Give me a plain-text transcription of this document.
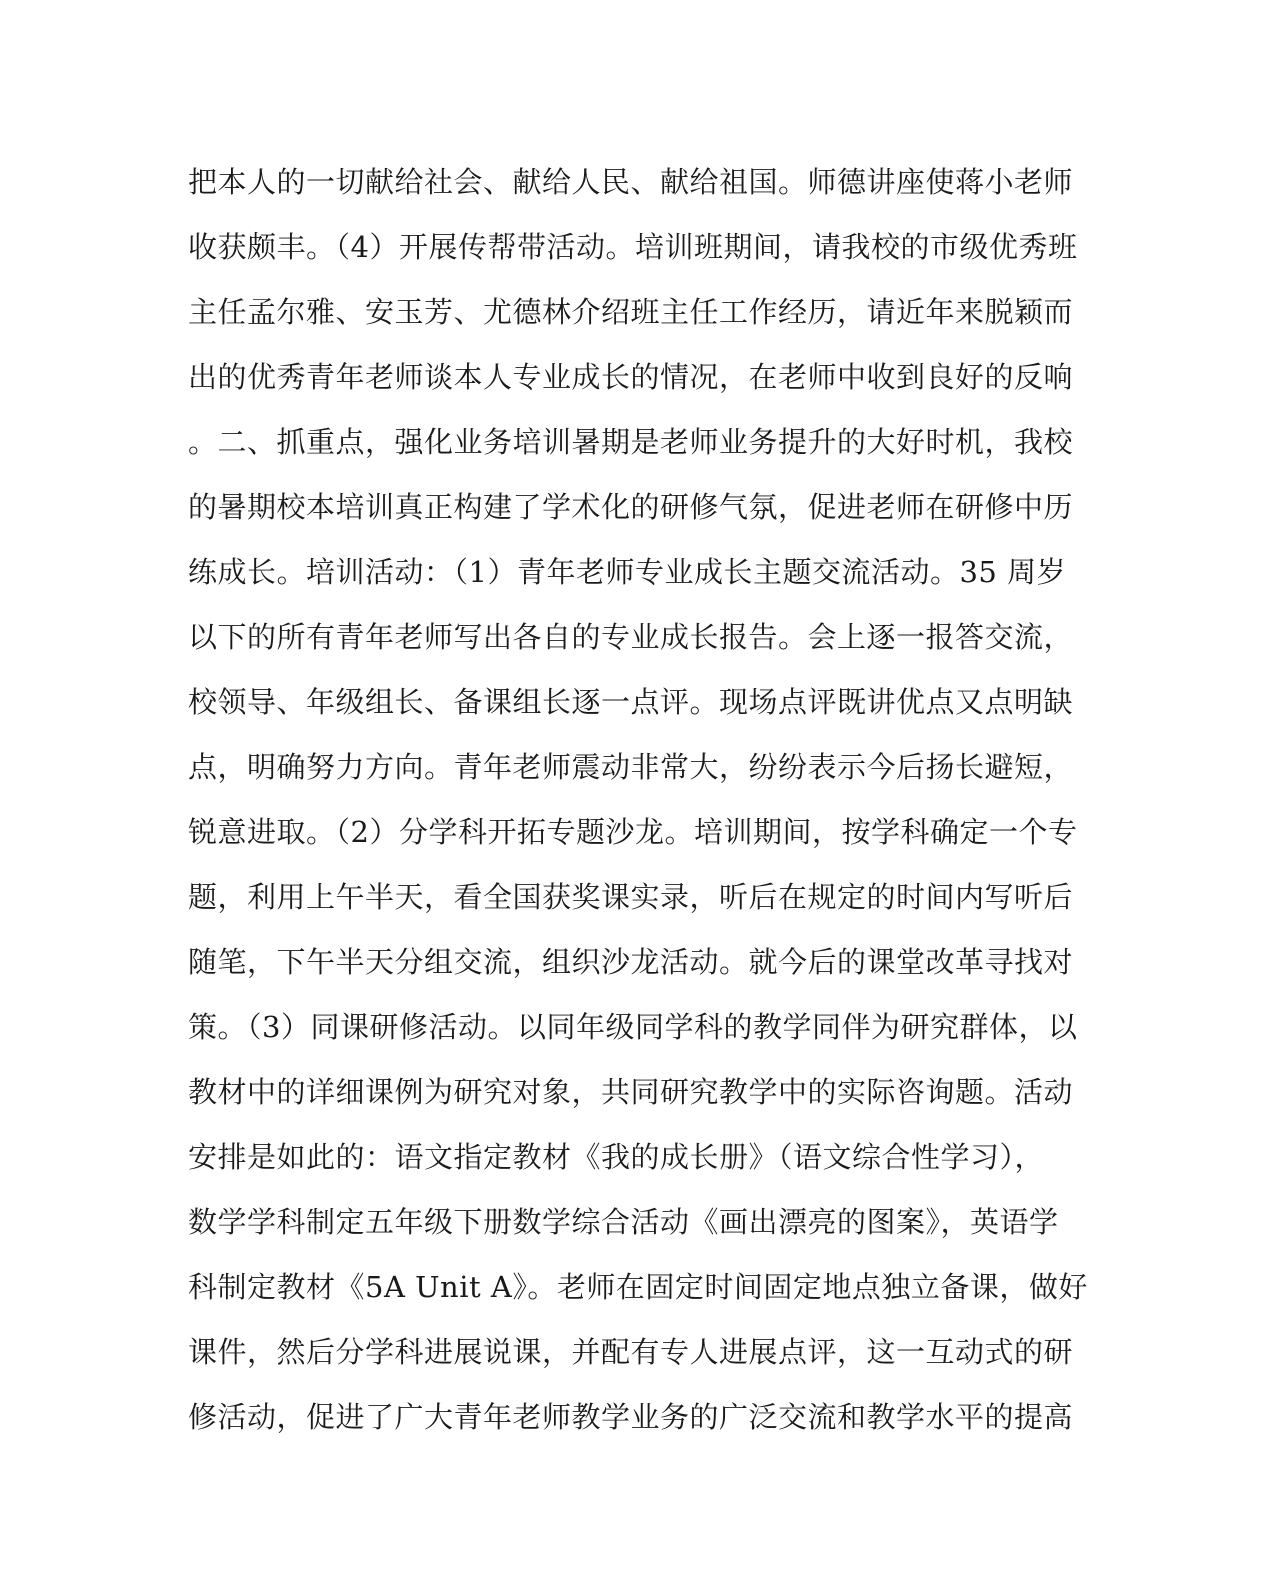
把本人的一切献给社会、献给人民、献给祖国。师德讲座使蒋小老师
收获颇丰。（4）开展传帮带活动。培训班期间，请我校的市级优秀班
主任孟尔雅、安玉芳、尤德林介绍班主任工作经历，请近年来脱颖而
出的优秀青年老师谈本人专业成长的情况，在老师中收到良好的反响
。二、抓重点，强化业务培训暑期是老师业务提升的大好时机，我校
的暑期校本培训真正构建了学术化的研修气氛，促进老师在研修中历
练成长。培训活动：（1）青年老师专业成长主题交流活动。35 周岁
以下的所有青年老师写出各自的专业成长报告。会上逐一报答交流，
校领导、年级组长、备课组长逐一点评。现场点评既讲优点又点明缺
点，明确努力方向。青年老师震动非常大，纷纷表示今后扬长避短，
锐意进取。（2）分学科开拓专题沙龙。培训期间，按学科确定一个专
题，利用上午半天，看全国获奖课实录，听后在规定的时间内写听后
随笔，下午半天分组交流，组织沙龙活动。就今后的课堂改革寻找对
策。（3）同课研修活动。以同年级同学科的教学同伴为研究群体，以
教材中的详细课例为研究对象，共同研究教学中的实际咨询题。活动
安排是如此的：语文指定教材《我的成长册》（语文综合性学习），
数学学科制定五年级下册数学综合活动《画出漂亮的图案》，英语学
科制定教材《5A Unit A》。老师在固定时间固定地点独立备课，做好
课件，然后分学科进展说课，并配有专人进展点评，这一互动式的研
修活动，促进了广大青年老师教学业务的广泛交流和教学水平的提高
